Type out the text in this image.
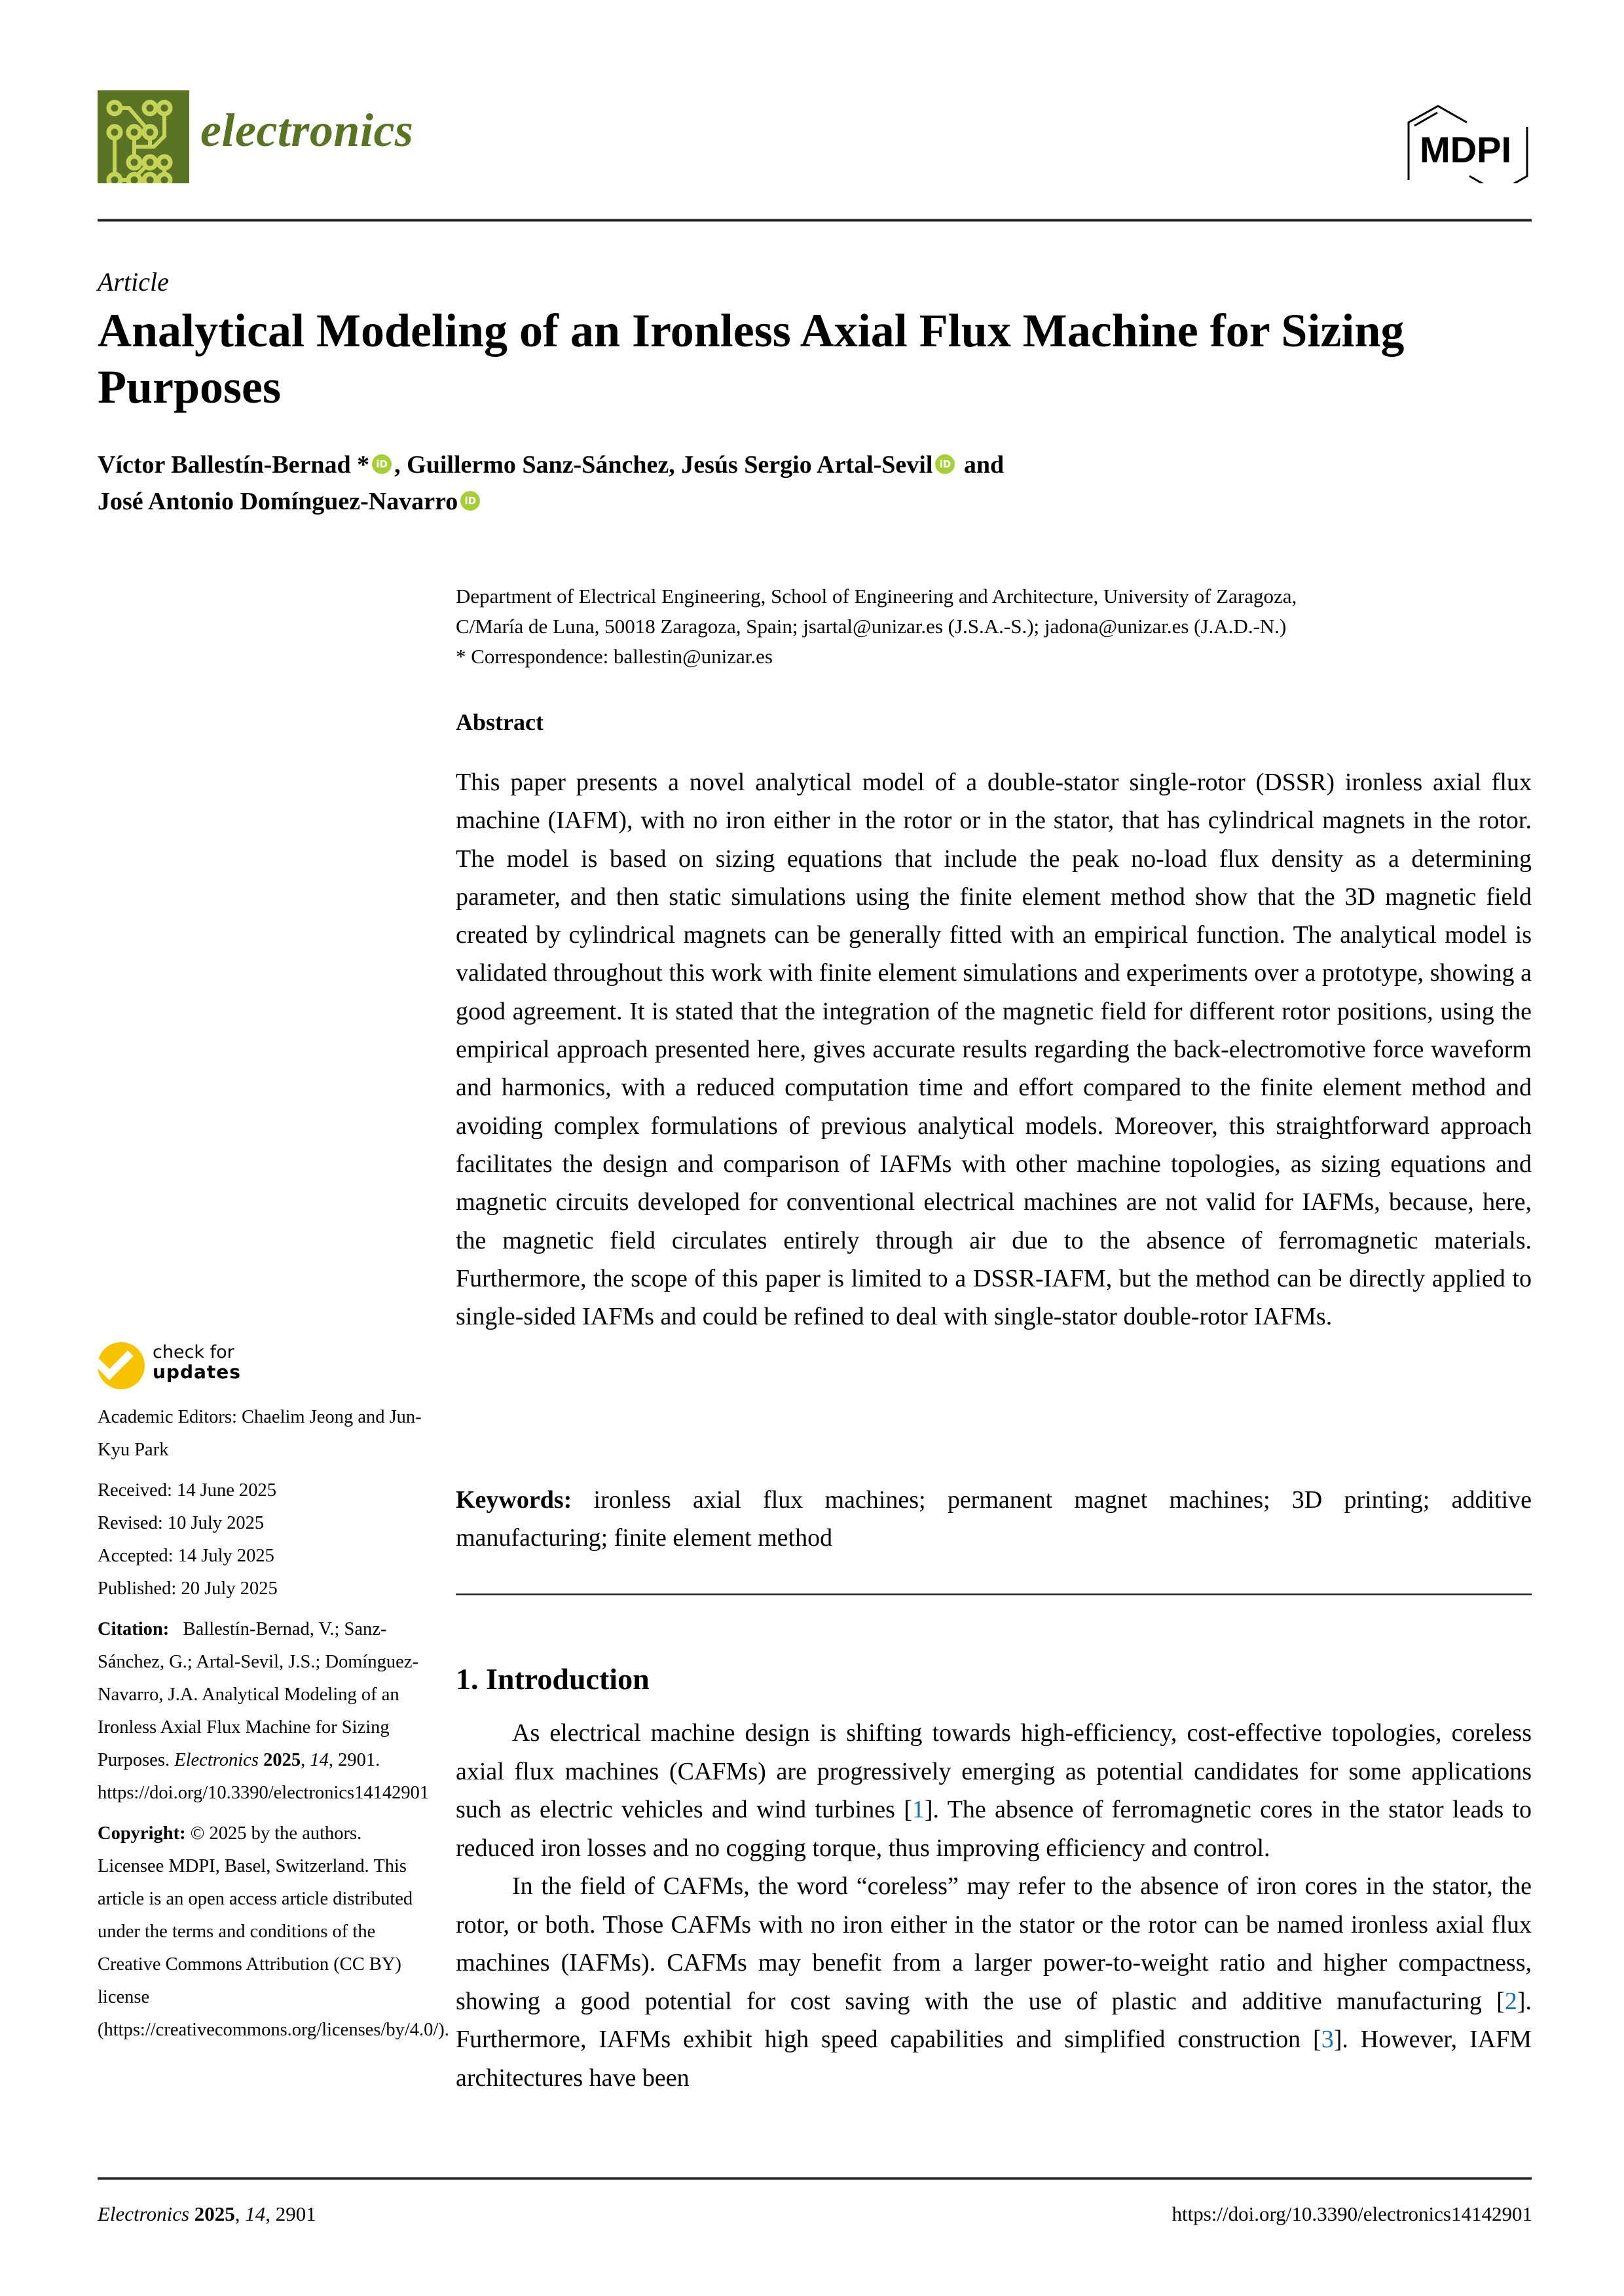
electronics	MDPI
Article
Analytical Modeling of an Ironless Axial Flux Machine for Sizing Purposes
Víctor Ballestín-Bernad * iD , Guillermo Sanz-Sánchez, Jesús Sergio Artal-Sevil iD and
José Antonio Domínguez-Navarro iD
Department of Electrical Engineering, School of Engineering and Architecture, University of Zaragoza,
C/María de Luna, 50018 Zaragoza, Spain; jsartal@unizar.es (J.S.A.-S.); jadona@unizar.es (J.A.D.-N.)
* Correspondence: ballestin@unizar.es
Abstract
This paper presents a novel analytical model of a double-stator single-rotor (DSSR) ironless axial flux machine (IAFM), with no iron either in the rotor or in the stator, that has cylindrical magnets in the rotor. The model is based on sizing equations that include the peak no-load flux density as a determining parameter, and then static simulations using the finite element method show that the 3D magnetic field created by cylindrical magnets can be generally fitted with an empirical function. The analytical model is validated throughout this work with finite element simulations and experiments over a prototype, showing a good agreement. It is stated that the integration of the magnetic field for different rotor positions, using the empirical approach presented here, gives accurate results regarding the back-electromotive force waveform and harmonics, with a reduced computation time and effort compared to the finite element method and avoiding complex formulations of previous analytical models. Moreover, this straightforward approach facilitates the design and comparison of IAFMs with other machine topologies, as sizing equations and magnetic circuits developed for conventional electrical machines are not valid for IAFMs, because, here, the magnetic field circulates entirely through air due to the absence of ferromagnetic materials. Furthermore, the scope of this paper is limited to a DSSR-IAFM, but the method can be directly applied to single-sided IAFMs and could be refined to deal with single-stator double-rotor IAFMs.
Keywords: ironless axial flux machines; permanent magnet machines; 3D printing; additive manufacturing; finite element method
1. Introduction

As electrical machine design is shifting towards high-efficiency, cost-effective topologies, coreless axial flux machines (CAFMs) are progressively emerging as potential candidates for some applications such as electric vehicles and wind turbines [1]. The absence of ferromagnetic cores in the stator leads to reduced iron losses and no cogging torque, thus improving efficiency and control.

In the field of CAFMs, the word “coreless” may refer to the absence of iron cores in the stator, the rotor, or both. Those CAFMs with no iron either in the stator or the rotor can be named ironless axial flux machines (IAFMs). CAFMs may benefit from a larger power-to-weight ratio and higher compactness, showing a good potential for cost saving with the use of plastic and additive manufacturing [2]. Furthermore, IAFMs exhibit high speed capabilities and simplified construction [3]. However, IAFM architectures have been

check for
updates
Academic Editors: Chaelim Jeong and Jun-Kyu Park
Received: 14 June 2025
Revised: 10 July 2025
Accepted: 14 July 2025
Published: 20 July 2025
Citation: Ballestín-Bernad, V.; Sanz-Sánchez, G.; Artal-Sevil, J.S.; Domínguez-Navarro, J.A. Analytical Modeling of an Ironless Axial Flux Machine for Sizing Purposes. Electronics 2025, 14, 2901. https://doi.org/10.3390/electronics14142901
Copyright: © 2025 by the authors. Licensee MDPI, Basel, Switzerland. This article is an open access article distributed under the terms and conditions of the Creative Commons Attribution (CC BY) license (https://creativecommons.org/licenses/by/4.0/).
Electronics 2025, 14, 2901	https://doi.org/10.3390/electronics14142901
